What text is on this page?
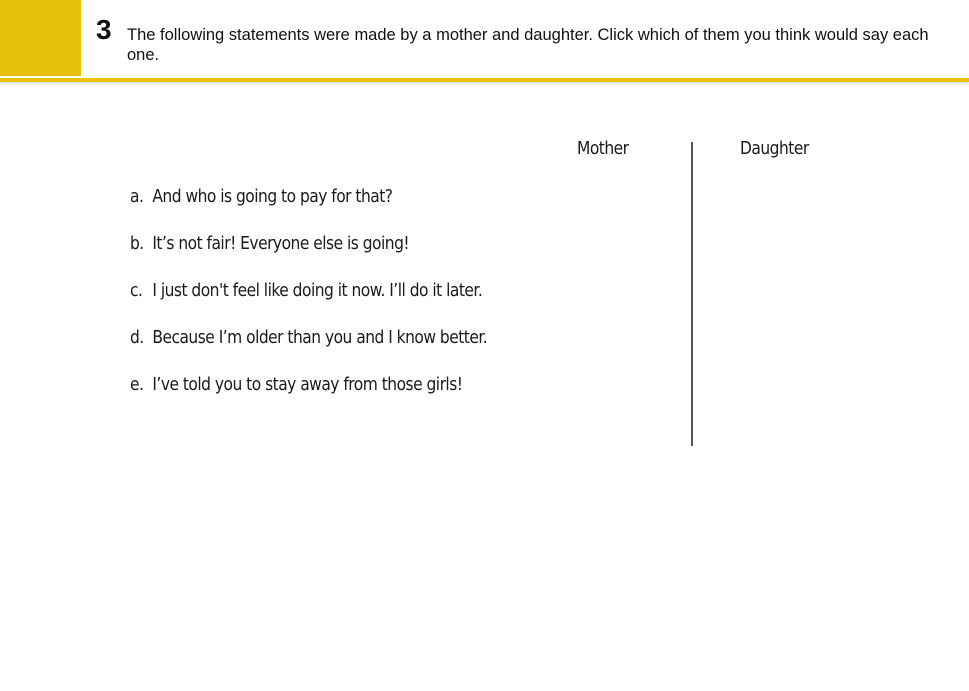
3 The following statements were made by a mother and daughter. Click which of them you think would say each one.
Mother	Daughter
a. And who is going to pay for that?
b. It’s not fair! Everyone else is going!
c. I just don't feel like doing it now. I’ll do it later.
d. Because I’m older than you and I know better.
e. I’ve told you to stay away from those girls!
